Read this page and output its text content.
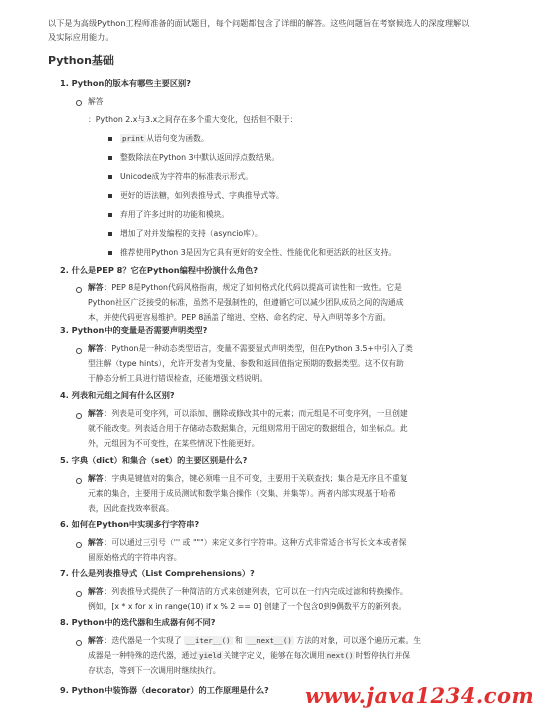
以下是为高级Python工程师准备的面试题目，每个问题都包含了详细的解答。这些问题旨在考察候选人的深度理解以及实际应用能力。
Python基础
1. Python的版本有哪些主要区别?
解答
：Python 2.x与3.x之间存在多个重大变化，包括但不限于：
print 从语句变为函数。
整数除法在Python 3中默认返回浮点数结果。
Unicode成为字符串的标准表示形式。
更好的语法糖，如列表推导式、字典推导式等。
弃用了许多过时的功能和模块。
增加了对并发编程的支持（asyncio库）。
推荐使用Python 3是因为它具有更好的安全性、性能优化和更活跃的社区支持。
2. 什么是PEP 8？它在Python编程中扮演什么角色?
解答：PEP 8是Python代码风格指南，规定了如何格式化代码以提高可读性和一致性。它是
Python社区广泛接受的标准，虽然不是强制性的，但遵循它可以减少团队成员之间的沟通成
本，并使代码更容易维护。PEP 8涵盖了缩进、空格、命名约定、导入声明等多个方面。
3. Python中的变量是否需要声明类型?
解答：Python是一种动态类型语言，变量不需要显式声明类型，但在Python 3.5+中引入了类
型注解（type hints），允许开发者为变量、参数和返回值指定预期的数据类型。这不仅有助
于静态分析工具进行错误检查，还能增强文档说明。
4. 列表和元组之间有什么区别?
解答：列表是可变序列，可以添加、删除或修改其中的元素；而元组是不可变序列，一旦创建
就不能改变。列表适合用于存储动态数据集合，元组则常用于固定的数据组合，如坐标点。此
外，元组因为不可变性，在某些情况下性能更好。
5. 字典（dict）和集合（set）的主要区别是什么?
解答：字典是键值对的集合，键必须唯一且不可变，主要用于关联查找；集合是无序且不重复
元素的集合，主要用于成员测试和数学集合操作（交集、并集等）。两者内部实现基于哈希
表，因此查找效率很高。
6. 如何在Python中实现多行字符串?
解答：可以通过三引号（''' 或 """）来定义多行字符串。这种方式非常适合书写长文本或者保
留原始格式的字符串内容。
7. 什么是列表推导式（List Comprehensions）?
解答：列表推导式提供了一种简洁的方式来创建列表，它可以在一行内完成过滤和转换操作。
例如，[x * x for x in range(10) if x % 2 == 0] 创建了一个包含0到9偶数平方的新列表。
8. Python中的迭代器和生成器有何不同?
解答：迭代器是一个实现了 __iter__() 和 __next__() 方法的对象，可以逐个遍历元素。生
成器是一种特殊的迭代器，通过 yield 关键字定义，能够在每次调用 next() 时暂停执行并保
存状态，等到下一次调用时继续执行。
9. Python中装饰器（decorator）的工作原理是什么? www.java1234.com
